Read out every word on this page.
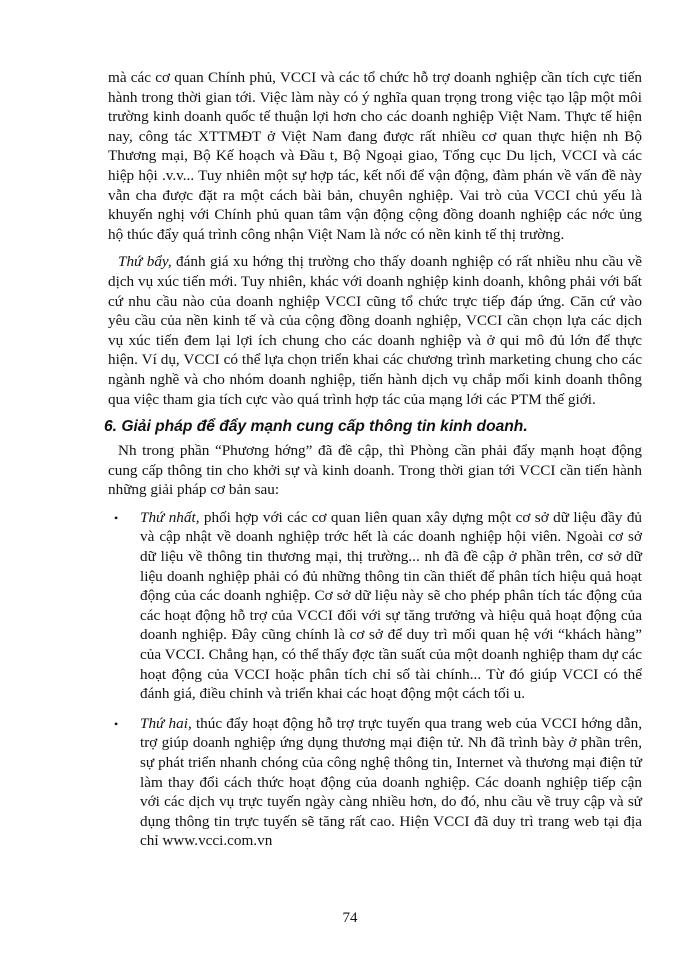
mà các cơ quan Chính phủ, VCCI và các tổ chức hỗ trợ doanh nghiệp cần tích cực tiến hành trong thời gian tới. Việc làm này có ý nghĩa quan trọng trong việc tạo lập một môi trường kinh doanh quốc tế thuận lợi hơn cho các doanh nghiệp Việt Nam. Thực tế hiện nay, công tác XTTMĐT ở Việt Nam đang được rất nhiều cơ quan thực hiện nh Bộ Thương mại, Bộ Kế hoạch và Đầu t, Bộ Ngoại giao, Tổng cục Du lịch, VCCI và các hiệp hội .v.v... Tuy nhiên một sự hợp tác, kết nối để vận động, đàm phán về vấn đề này vẫn cha được đặt ra một cách bài bản, chuyên nghiệp. Vai trò của VCCI chủ yếu là khuyến nghị với Chính phủ quan tâm vận động cộng đồng doanh nghiệp các nớc ủng hộ thúc đẩy quá trình công nhận Việt Nam là nớc có nền kinh tế thị trường.

Thứ bẩy, đánh giá xu hớng thị trường cho thấy doanh nghiệp có rất nhiều nhu cầu về dịch vụ xúc tiến mới. Tuy nhiên, khác với doanh nghiệp kinh doanh, không phải với bất cứ nhu cầu nào của doanh nghiệp VCCI cũng tổ chức trực tiếp đáp ứng. Căn cứ vào yêu cầu của nền kinh tế và của cộng đồng doanh nghiệp, VCCI cần chọn lựa các dịch vụ xúc tiến đem lại lợi ích chung cho các doanh nghiệp và ở qui mô đủ lớn để thực hiện. Ví dụ, VCCI có thể lựa chọn triển khai các chương trình marketing chung cho các ngành nghề và cho nhóm doanh nghiệp, tiến hành dịch vụ chắp mối kinh doanh thông qua việc tham gia tích cực vào quá trình hợp tác của mạng lới các PTM thế giới.

6. Giải pháp để đẩy mạnh cung cấp thông tin kinh doanh.

Nh trong phần “Phương hớng” đã đề cập, thì Phòng cần phải đẩy mạnh hoạt động cung cấp thông tin cho khởi sự và kinh doanh. Trong thời gian tới VCCI cần tiến hành những giải pháp cơ bản sau:

• Thứ nhất, phối hợp với các cơ quan liên quan xây dựng một cơ sở dữ liệu đầy đủ và cập nhật về doanh nghiệp trớc hết là các doanh nghiệp hội viên. Ngoài cơ sở dữ liệu về thông tin thương mại, thị trường... nh đã đề cập ở phần trên, cơ sở dữ liệu doanh nghiệp phải có đủ những thông tin cần thiết để phân tích hiệu quả hoạt động của các doanh nghiệp. Cơ sở dữ liệu này sẽ cho phép phân tích tác động của các hoạt động hỗ trợ của VCCI đối với sự tăng trưởng và hiệu quả hoạt động của doanh nghiệp. Đây cũng chính là cơ sở để duy trì mối quan hệ với “khách hàng” của VCCI. Chẳng hạn, có thể thấy đợc tần suất của một doanh nghiệp tham dự các hoạt động của VCCI hoặc phân tích chỉ số tài chính... Từ đó giúp VCCI có thể đánh giá, điều chỉnh và triển khai các hoạt động một cách tối u.

• Thứ hai, thúc đẩy hoạt động hỗ trợ trực tuyến qua trang web của VCCI hớng dẫn, trợ giúp doanh nghiệp ứng dụng thương mại điện tử. Nh đã trình bày ở phần trên, sự phát triển nhanh chóng của công nghệ thông tin, Internet và thương mại điện tử làm thay đổi cách thức hoạt động của doanh nghiệp. Các doanh nghiệp tiếp cận với các dịch vụ trực tuyến ngày càng nhiều hơn, do đó, nhu cầu về truy cập và sử dụng thông tin trực tuyến sẽ tăng rất cao. Hiện VCCI đã duy trì trang web tại địa chỉ www.vcci.com.vn

74
